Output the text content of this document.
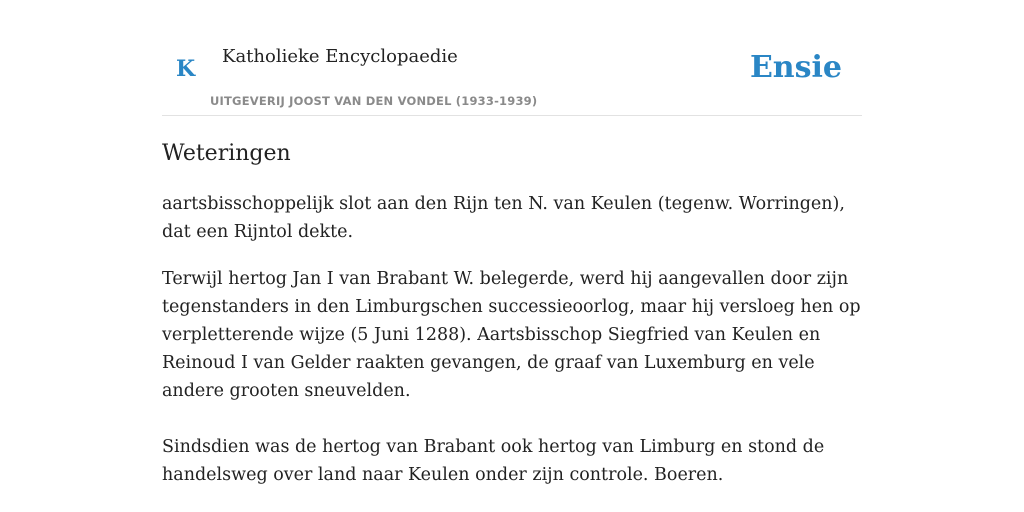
K Katholieke Encyclopaedie
UITGEVERIJ JOOST VAN DEN VONDEL (1933-1939)
Ensie
Weteringen

aartsbisschoppelijk slot aan den Rijn ten N. van Keulen (tegenw. Worringen), dat een Rijntol dekte.

Terwijl hertog Jan I van Brabant W. belegerde, werd hij aangevallen door zijn tegenstanders in den Limburgschen successieoorlog, maar hij versloeg hen op verpletterende wijze (5 Juni 1288). Aartsbisschop Siegfried van Keulen en Reinoud I van Gelder raakten gevangen, de graaf van Luxemburg en vele andere grooten sneuvelden.

Sindsdien was de hertog van Brabant ook hertog van Limburg en stond de handelsweg over land naar Keulen onder zijn controle. Boeren.
